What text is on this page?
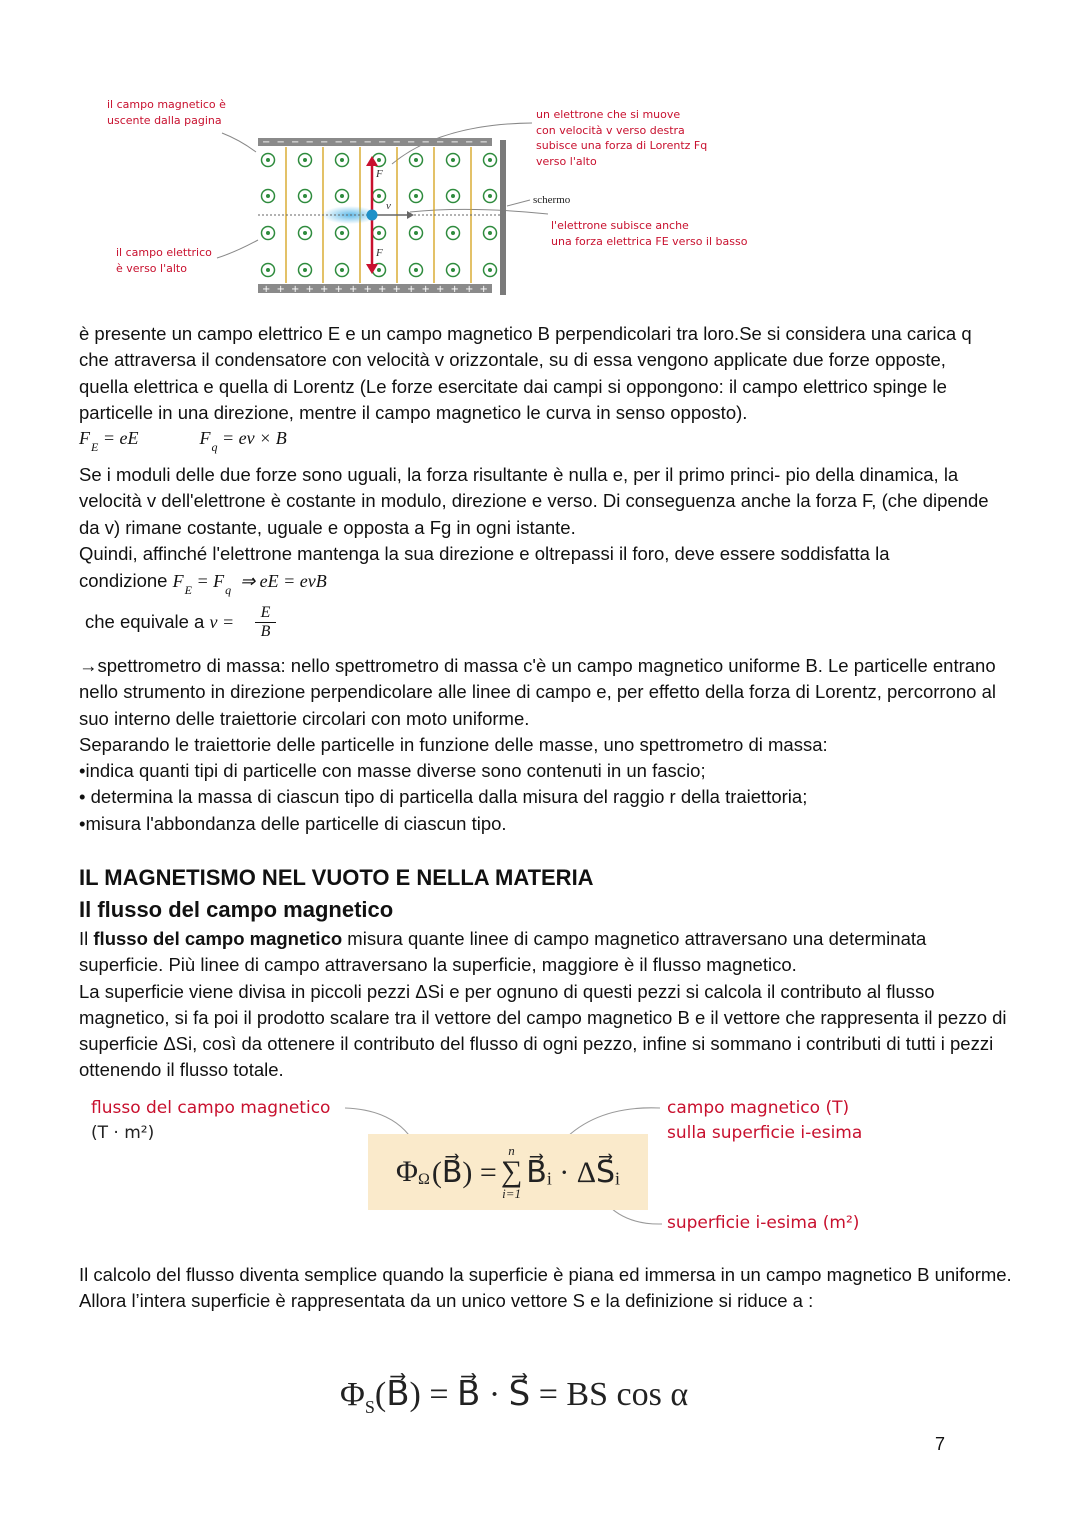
il campo magnetico è
uscente dalla pagina
il campo elettrico
è verso l'alto
un elettrone che si muove
con velocità v verso destra
subisce una forza di Lorentz Fq
verso l'alto
schermo
l'elettrone subisce anche
una forza elettrica FE verso il basso
−
+
−
+
−
+
−
+
−
+
−
+
−
+
−
+
−
+
−
+
−
+
−
+
−
+
−
+
−
+
−
+
F
F
v

è presente un campo elettrico E e un campo magnetico B perpendicolari tra loro.Se si considera una carica q che attraversa il condensatore con velocità v orizzontale, su di essa vengono applicate due forze opposte, quella elettrica e quella di Lorentz (Le forze esercitate dai campi si oppongono: il campo elettrico spinge le particelle in una direzione, mentre il campo magnetico le curva in senso opposto).

$F_E$ = eE	$F_q$ = ev × B

Se i moduli delle due forze sono uguali, la forza risultante è nulla e, per il primo princi- pio della dinamica, la velocità v dell'elettrone è costante in modulo, direzione e verso. Di conseguenza anche la forza F, (che dipende da v) rimane costante, uguale e opposta a Fg in ogni istante.

Quindi, affinché l'elettrone mantenga la sua direzione e oltrepassi il foro, deve essere soddisfatta la

condizione $F_E = F_q$ ⇒ eE = evB
che equivale a
v =
$\frac{E}{B}$

→spettrometro di massa: nello spettrometro di massa c'è un campo magnetico uniforme B. Le particelle entrano nello strumento in direzione perpendicolare alle linee di campo e, per effetto della forza di Lorentz, percorrono al suo interno delle traiettorie circolari con moto uniforme.

Separando le traiettorie delle particelle in funzione delle masse, uno spettrometro di massa:

•indica quanti tipi di particelle con masse diverse sono contenuti in un fascio;

• determina la massa di ciascun tipo di particella dalla misura del raggio r della traiettoria;

•misura l'abbondanza delle particelle di ciascun tipo.

IL MAGNETISMO NEL VUOTO E NELLA MATERIA
Il flusso del campo magnetico

Il flusso del campo magnetico misura quante linee di campo magnetico attraversano una determinata superficie. Più linee di campo attraversano la superficie, maggiore è il flusso magnetico.

La superficie viene divisa in piccoli pezzi ΔSi e per ognuno di questi pezzi si calcola il contributo al flusso magnetico, si fa poi il prodotto scalare tra il vettore del campo magnetico B e il vettore che rappresenta il pezzo di superficie ΔSi, così da ottenere il contributo del flusso di ogni pezzo, infine si sommano i contributi di tutti i pezzi ottenendo il flusso totale.

flusso del campo magnetico
(T · m²)
campo magnetico (T)
sulla superficie i-esima
superficie i-esima (m²)
Φ Ω (B⃗) =
n
∑
i=1
B⃗ᵢ · ΔS⃗ᵢ

Il calcolo del flusso diventa semplice quando la superficie è piana ed immersa in un campo magnetico B uniforme. Allora l’intera superficie è rappresentata da un unico vettore S e la definizione si riduce a :

$\Phi_S(B⃗)$ = B⃗ · S⃗ = BS cos α
7
